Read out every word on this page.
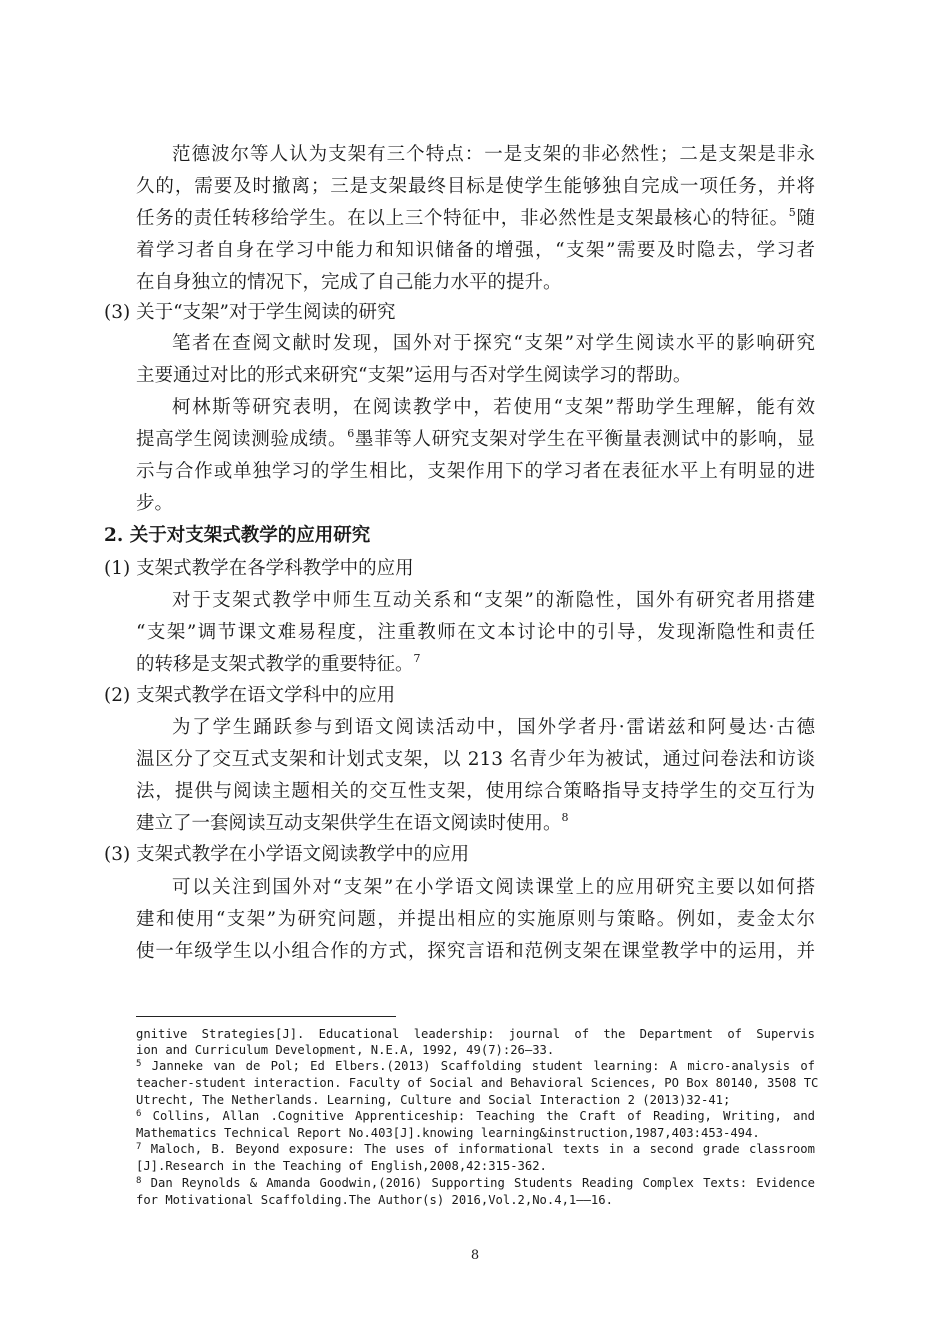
范德波尔等人认为支架有三个特点：一是支架的非必然性；二是支架是非永
久的，需要及时撤离；三是支架最终目标是使学生能够独自完成一项任务，并将
任务的责任转移给学生。在以上三个特征中，非必然性是支架最核心的特征。$^5$随
着学习者自身在学习中能力和知识储备的增强，“支架”需要及时隐去，学习者
在自身独立的情况下，完成了自己能力水平的提升。
(3) 关于“支架”对于学生阅读的研究
笔者在查阅文献时发现，国外对于探究“支架”对学生阅读水平的影响研究
主要通过对比的形式来研究“支架”运用与否对学生阅读学习的帮助。
柯林斯等研究表明，在阅读教学中，若使用“支架”帮助学生理解，能有效
提高学生阅读测验成绩。$^6$墨菲等人研究支架对学生在平衡量表测试中的影响，显
示与合作或单独学习的学生相比，支架作用下的学习者在表征水平上有明显的进
步。
2. 关于对支架式教学的应用研究
(1) 支架式教学在各学科教学中的应用
对于支架式教学中师生互动关系和“支架”的渐隐性，国外有研究者用搭建
“支架”调节课文难易程度，注重教师在文本讨论中的引导，发现渐隐性和责任
的转移是支架式教学的重要特征。$^7$
(2) 支架式教学在语文学科中的应用
为了学生踊跃参与到语文阅读活动中，国外学者丹·雷诺兹和阿曼达·古德
温区分了交互式支架和计划式支架，以 213 名青少年为被试，通过问卷法和访谈
法，提供与阅读主题相关的交互性支架，使用综合策略指导支持学生的交互行为
建立了一套阅读互动支架供学生在语文阅读时使用。$^8$
(3) 支架式教学在小学语文阅读教学中的应用
可以关注到国外对“支架”在小学语文阅读课堂上的应用研究主要以如何搭
建和使用“支架”为研究问题，并提出相应的实施原则与策略。例如，麦金太尔
使一年级学生以小组合作的方式，探究言语和范例支架在课堂教学中的运用，并
gnitive Strategies[J]. Educational leadership: journal of the Department of Supervis
ion and Curriculum Development, N.E.A, 1992, 49(7):26—33.
$^5$ Janneke van de Pol; Ed Elbers.(2013) Scaffolding student learning: A micro-analysis of
teacher-student interaction. Faculty of Social and Behavioral Sciences, PO Box 80140, 3508 TC
Utrecht, The Netherlands. Learning, Culture and Social Interaction 2 (2013)32-41;
$^6$ Collins, Allan .Cognitive Apprenticeship: Teaching the Craft of Reading, Writing, and
Mathematics Technical Report No.403[J].knowing learning&instruction,1987,403:453-494.
$^7$ Maloch, B. Beyond exposure: The uses of informational texts in a second grade classroom
[J].Research in the Teaching of English,2008,42:315-362.
$^8$ Dan Reynolds & Amanda Goodwin,(2016) Supporting Students Reading Complex Texts: Evidence
for Motivational Scaffolding.The Author(s) 2016,Vol.2,No.4,1——16.
8
